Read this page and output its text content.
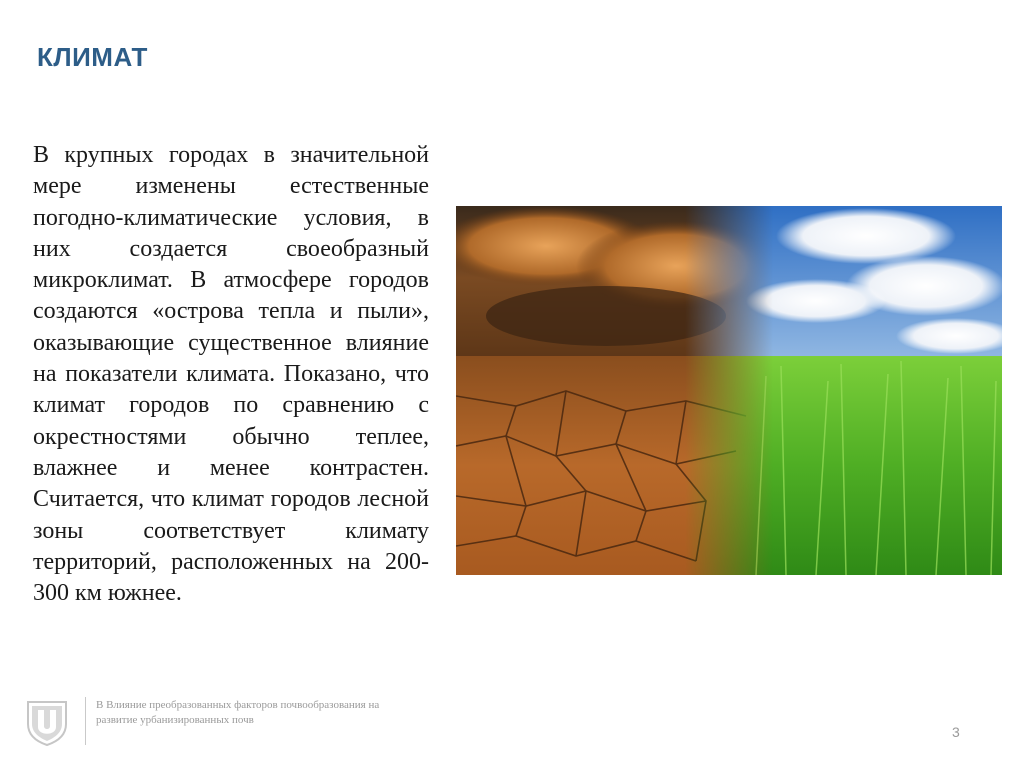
КЛИМАТ
В крупных городах в значительной мере изменены естественные погодно-климатические условия, в них создается своеобразный микроклимат. В атмосфере городов создаются «острова тепла и пыли», оказывающие существенное влияние на показатели климата. Показано, что климат городов по сравнению с окрестностями обычно теплее, влажнее и менее контрастен. Считается, что климат городов лесной зоны соответствует климату территорий, расположенных на 200-300 км южнее.
В Влияние преобразованных факторов почвообразования на развитие урбанизированных почв
3
